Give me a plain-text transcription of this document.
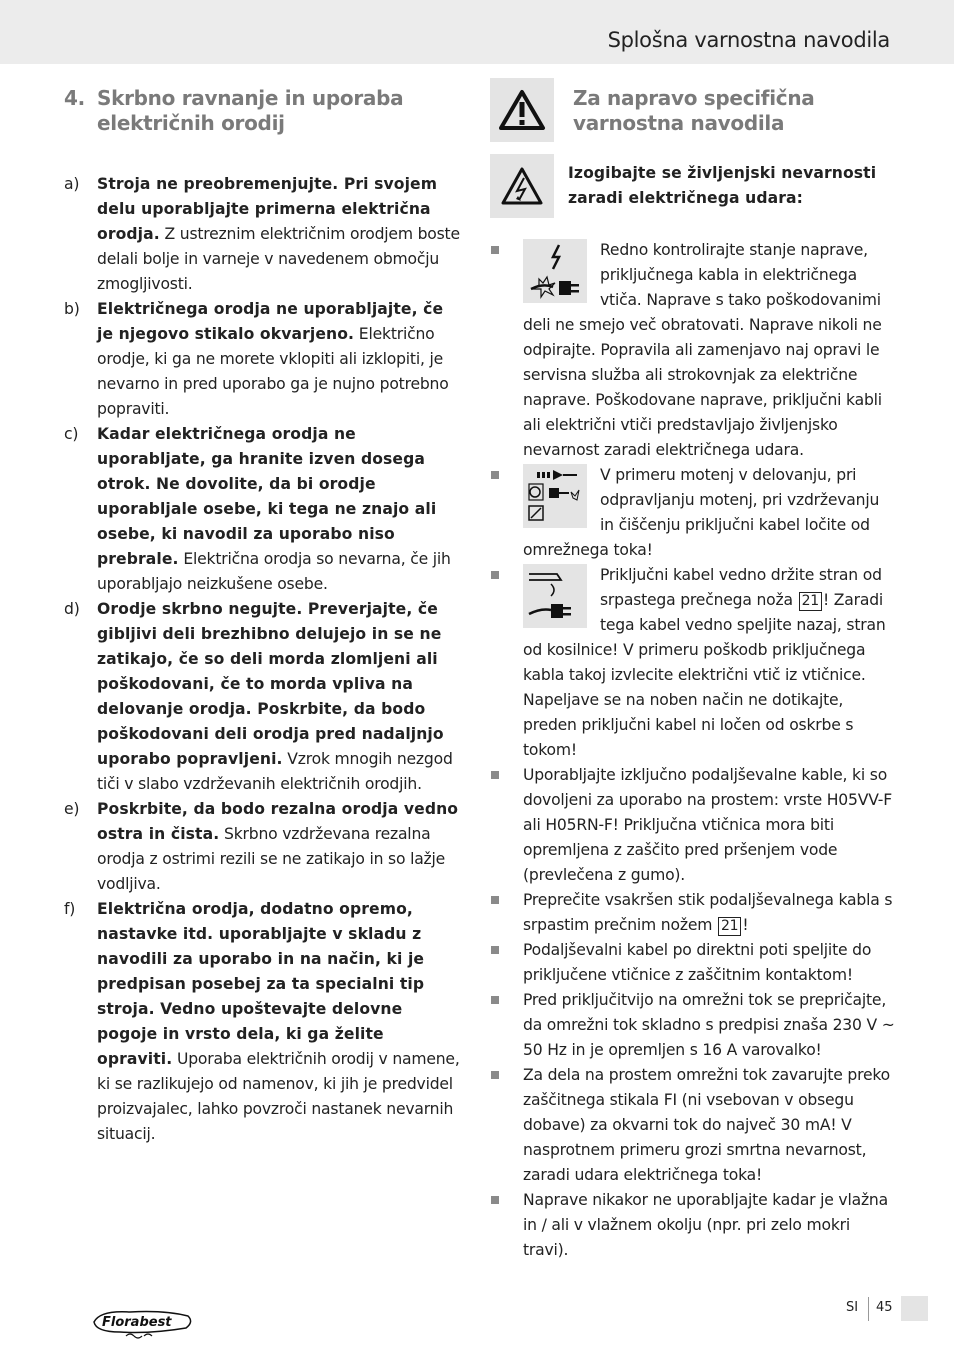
Splošna varnostna navodila
4. Skrbno ravnanje in uporaba električnih orodij
a)	Stroja ne preobremenjujte. Pri svojem delu uporabljajte primerna električna orodja. Z ustreznim električnim orodjem boste delali bolje in varneje v navedenem območju zmogljivosti.
b)	Električnega orodja ne uporabljajte, če je njegovo stikalo okvarjeno. Električno orodje, ki ga ne morete vklopiti ali izklopiti, je nevarno in pred uporabo ga je nujno potrebno popraviti.
c)	Kadar električnega orodja ne uporabljate, ga hranite izven dosega otrok. Ne dovolite, da bi orodje uporabljale osebe, ki tega ne znajo ali osebe, ki navodil za uporabo niso prebrale. Električna orodja so nevarna, če jih uporabljajo neizkušene osebe.
d)	Orodje skrbno negujte. Preverjajte, če gibljivi deli brezhibno delujejo in se ne zatikajo, če so deli morda zlomljeni ali poškodovani, če to morda vpliva na delovanje orodja. Poskrbite, da bodo poškodovani deli orodja pred nadaljnjo uporabo popravljeni. Vzrok mnogih nezgod tiči v slabo vzdrževanih električnih orodjih.
e)	Poskrbite, da bodo rezalna orodja vedno ostra in čista. Skrbno vzdrževana rezalna orodja z ostrimi rezili se ne zatikajo in so lažje vodljiva.
f)	Električna orodja, dodatno opremo, nastavke itd. uporabljajte v skladu z navodili za uporabo in na način, ki je predpisan posebej za ta specialni tip stroja. Vedno upoštevajte delovne pogoje in vrsto dela, ki ga želite opraviti. Uporaba električnih orodij v namene, ki se razlikujejo od namenov, ki jih je predvidel proizvajalec, lahko povzroči nastanek nevarnih situacij.
Za napravo specifična varnostna navodila
Izogibajte se življenjski nevarnosti zaradi električnega udara:
Redno kontrolirajte stanje naprave, priključnega kabla in električnega vtiča. Naprave s tako poškodovanimi deli ne smejo več obratovati. Naprave nikoli ne odpirajte. Popravila ali zamenjavo naj opravi le servisna služba ali strokovnjak za električne naprave. Poškodovane naprave, priključni kabli ali električni vtiči predstavljajo življenjsko nevarnost zaradi električnega udara.
V primeru motenj v delovanju, pri odpravljanju motenj, pri vzdrževanju in čiščenju priključni kabel ločite od omrežnega toka!
Priključni kabel vedno držite stran od srpastega prečnega noža 21 ! Zaradi tega kabel vedno speljite nazaj, stran od kosilnice! V primeru poškodb priključnega kabla takoj izvlecite električni vtič iz vtičnice. Napeljave se na noben način ne dotikajte, preden priključni kabel ni ločen od oskrbe s tokom!
Uporabljajte izključno podaljševalne kable, ki so dovoljeni za uporabo na prostem: vrste H05VV-F ali H05RN-F! Priključna vtičnica mora biti opremljena z zaščito pred pršenjem vode (prevlečena z gumo).
Preprečite vsakršen stik podaljševalnega kabla s srpastim prečnim nožem 21 !
Podaljševalni kabel po direktni poti speljite do priključene vtičnice z zaščitnim kontaktom!
Pred priključitvijo na omrežni tok se prepričajte, da omrežni tok skladno s predpisi znaša 230 V ~ 50 Hz in je opremljen s 16 A varovalko!
Za dela na prostem omrežni tok zavarujte preko zaščitnega stikala FI (ni vsebovan v obsegu dobave) za okvarni tok do največ 30 mA! V nasprotnem primeru grozi smrtna nevarnost, zaradi udara električnega toka!
Naprave nikakor ne uporabljajte kadar je vlažna in / ali v vlažnem okolju (npr. pri zelo mokri travi).
Florabest
SI 45
